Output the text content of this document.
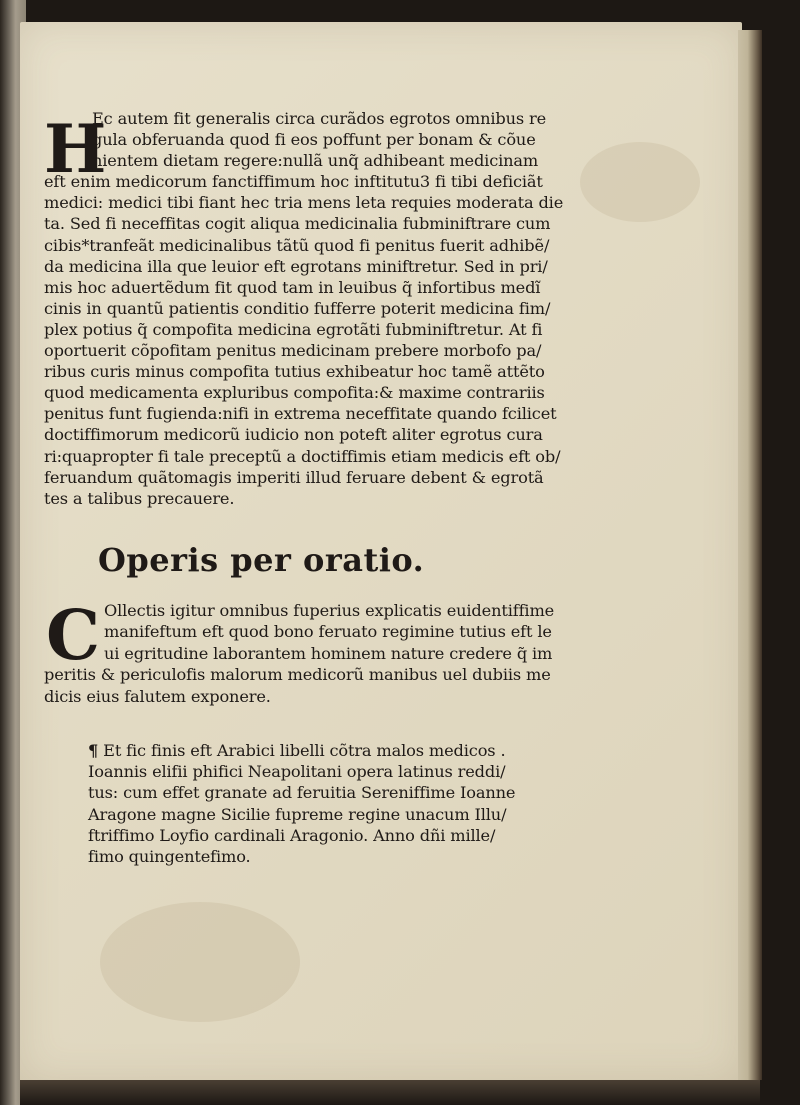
H
Ec autem fit generalis circa curãdos egrotos omnibus re
gula obferuanda quod fi eos poffunt per bonam & cõue
nientem dietam regere:nullã unq̃ adhibeant medicinam
eft enim medicorum fanctiffimum hoc inftitutu3 fi tibi deficiãt
medici: medici tibi fiant hec tria mens leta requies moderata die
ta. Sed fi neceffitas cogit aliqua medicinalia fubminiftrare cum
cibis*tranfeãt medicinalibus tãtũ quod fi penitus fuerit adhibẽ/
da medicina illa que leuior eft egrotans miniftretur. Sed in pri/
mis hoc aduertẽdum fit quod tam in leuibus q̃ infortibus medĩ
cinis in quantũ patientis conditio fufferre poterit medicina fim/
plex potius q̃ compofita medicina egrotãti fubminiftretur. At fi
oportuerit cõpofitam penitus medicinam prebere morbofo pa/
ribus curis minus compofita tutius exhibeatur hoc tamẽ attẽto
quod medicamenta expluribus compofita:& maxime contrariis
penitus funt fugienda:nifi in extrema neceffitate quando fcilicet
doctiffimorum medicorũ iudicio non poteft aliter egrotus cura
ri:quapropter fi tale preceptũ a doctiffimis etiam medicis eft ob/
feruandum quãtomagis imperiti illud feruare debent & egrotã
tes a talibus precauere.
Operis per oratio.
C Ollectis igitur omnibus fuperius explicatis euidentiffime
manifeftum eft quod bono feruato regimine tutius eft le
ui egritudine laborantem hominem nature credere q̃ im
peritis & periculofis malorum medicorũ manibus uel dubiis me
dicis eius falutem exponere.
¶ Et fic finis eft Arabici libelli cõtra malos medicos .
Ioannis elifii phifici Neapolitani opera latinus reddi/
tus: cum effet granate ad feruitia Sereniffime Ioanne
Aragone magne Sicilie fupreme regine unacum Illu/
ftriffimo Loyfio cardinali Aragonio. Anno dñi mille/
fimo quingentefimo.
